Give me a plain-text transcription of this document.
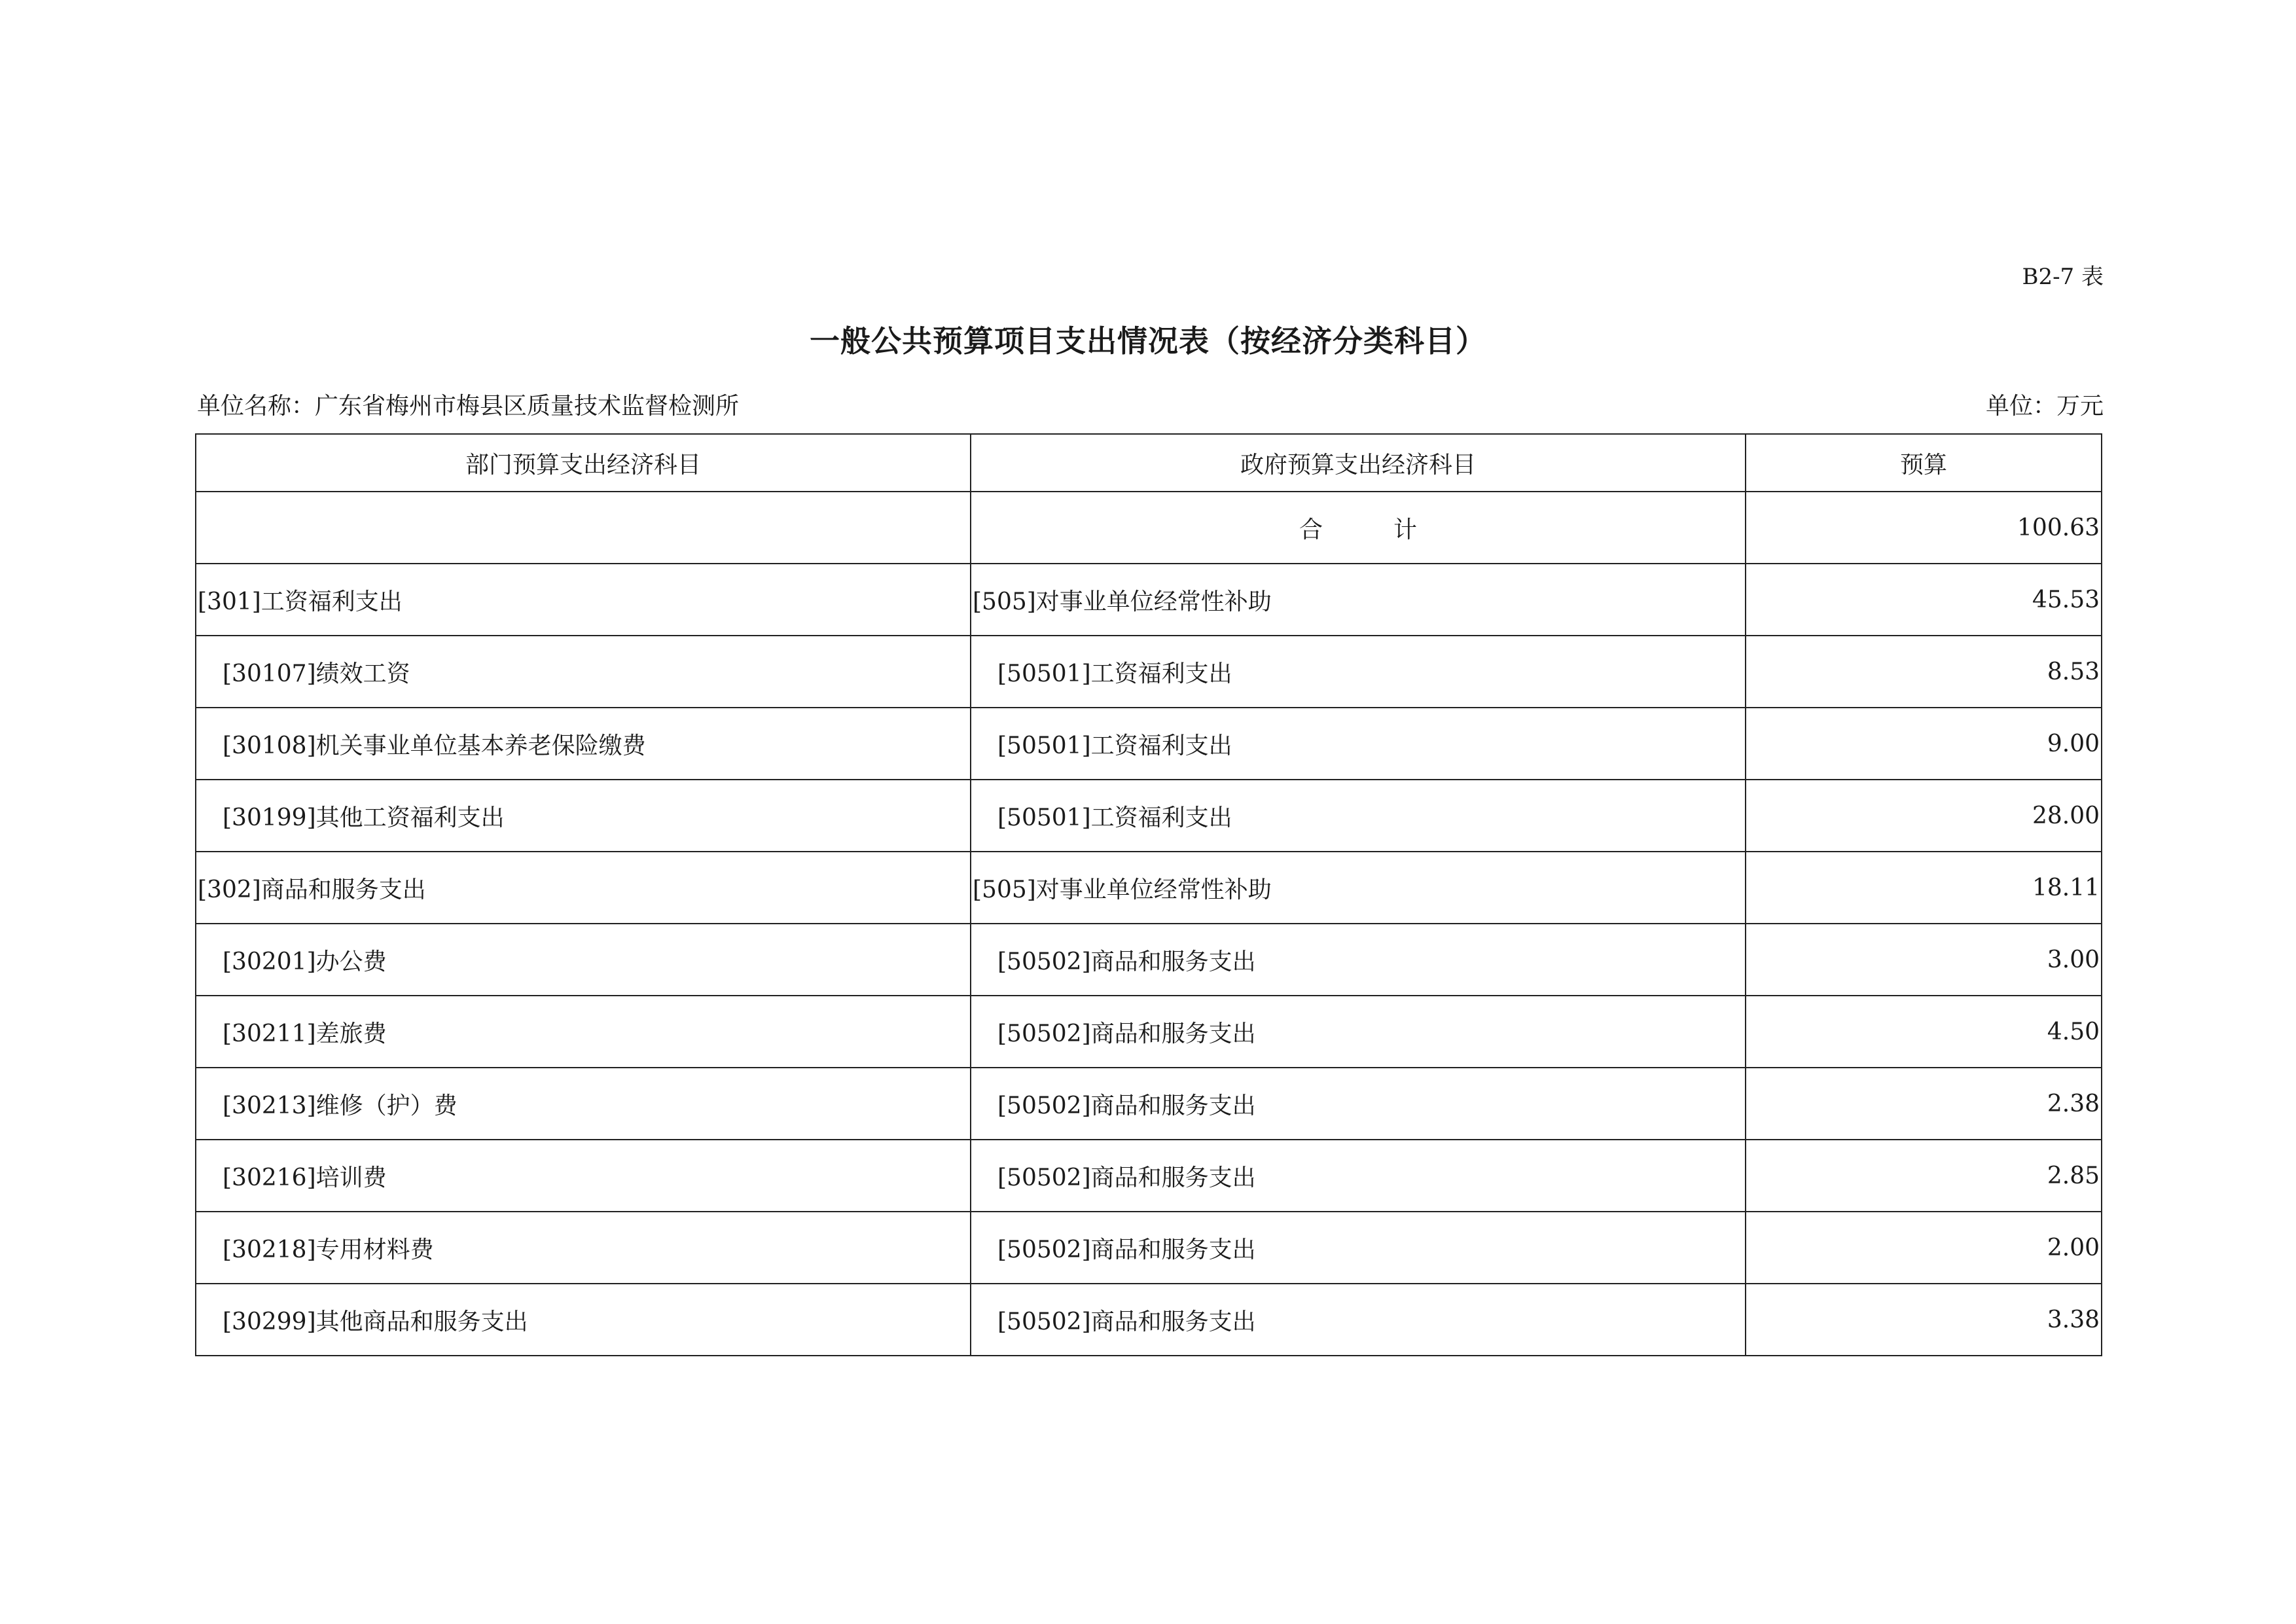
B2-7 表
一般公共预算项目支出情况表（按经济分类科目）
单位名称：广东省梅州市梅县区质量技术监督检测所	单位：万元
部门预算支出经济科目	政府预算支出经济科目	预算
	合 计	100.63
[301]工资福利支出	[505]对事业单位经常性补助	45.53
[30107]绩效工资	[50501]工资福利支出	8.53
[30108]机关事业单位基本养老保险缴费	[50501]工资福利支出	9.00
[30199]其他工资福利支出	[50501]工资福利支出	28.00
[302]商品和服务支出	[505]对事业单位经常性补助	18.11
[30201]办公费	[50502]商品和服务支出	3.00
[30211]差旅费	[50502]商品和服务支出	4.50
[30213]维修（护）费	[50502]商品和服务支出	2.38
[30216]培训费	[50502]商品和服务支出	2.85
[30218]专用材料费	[50502]商品和服务支出	2.00
[30299]其他商品和服务支出	[50502]商品和服务支出	3.38
